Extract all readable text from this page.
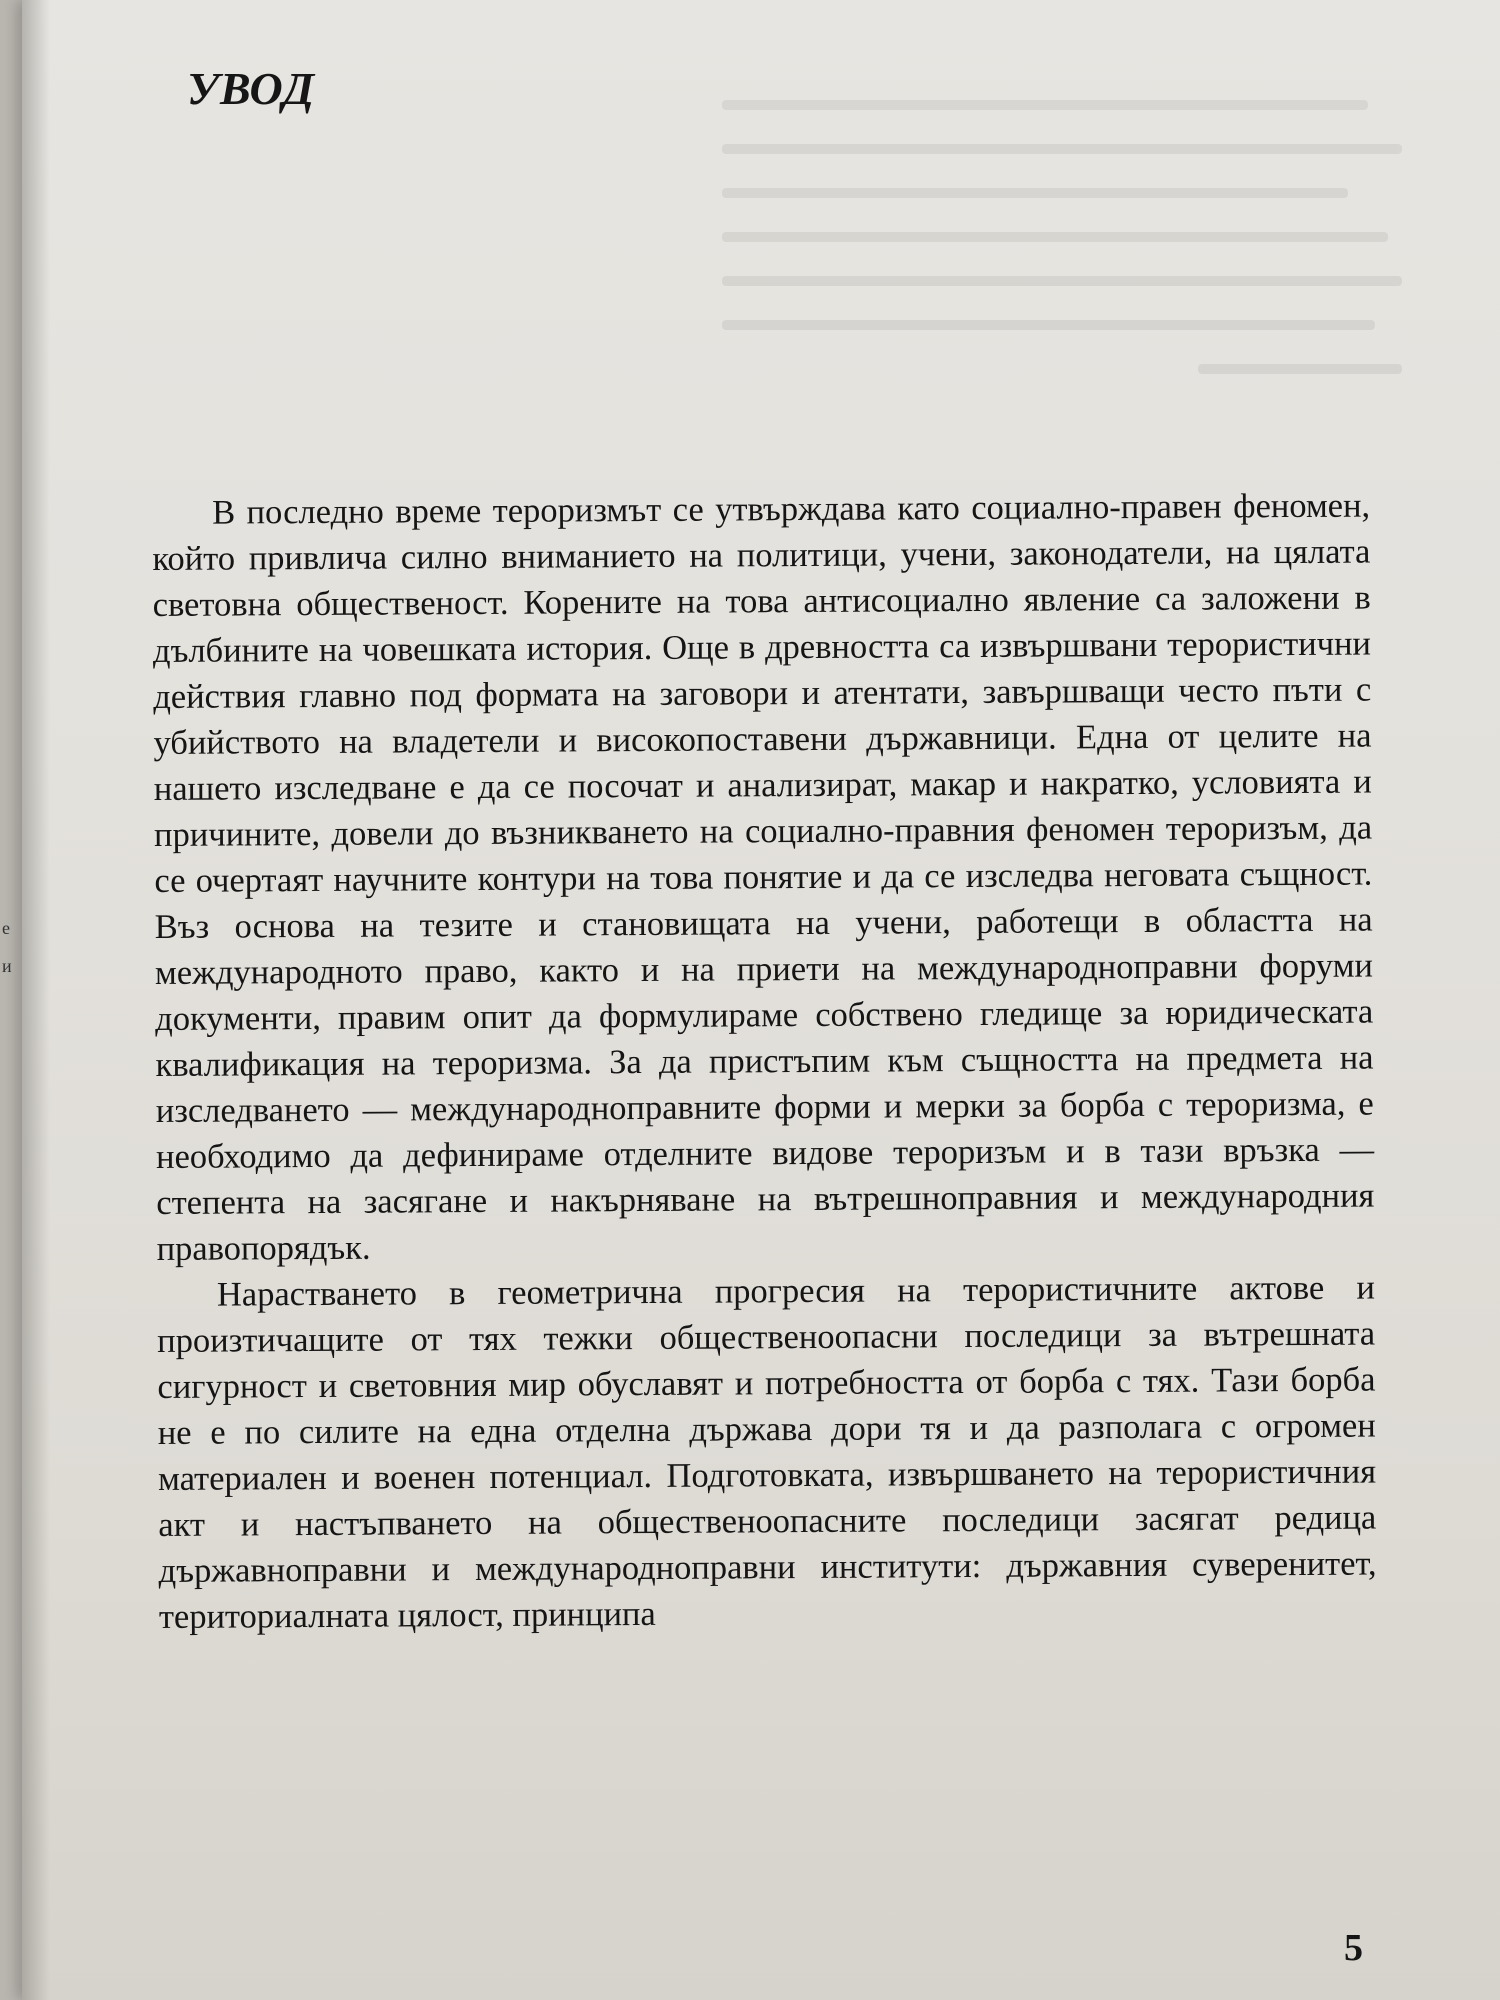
е
и
УВОД

В последно време тероризмът се утвърждава като социално-правен феномен, който привлича силно вниманието на политици, учени, законодатели, на цялата световна общественост. Корените на това антисоциално явление са заложени в дълбините на човешката история. Още в древността са извършвани терористични действия главно под формата на заговори и атентати, завършващи често пъти с убийството на владетели и високопоставени държавници. Една от целите на нашето изследване е да се посочат и анализират, макар и накратко, условията и причините, довели до възникването на социално-правния феномен тероризъм, да се очертаят научните контури на това понятие и да се изследва неговата същност. Въз основа на тезите и становищата на учени, работещи в областта на международното право, както и на приети на международноправни форуми документи, правим опит да формулираме собствено гледище за юридическата квалификация на тероризма. За да пристъпим към същността на предмета на изследването — международноправните форми и мерки за борба с тероризма, е необходимо да дефинираме отделните видове тероризъм и в тази връзка — степента на засягане и накърняване на вътрешноправния и международния правопорядък.

Нарастването в геометрична прогресия на терористичните актове и произтичащите от тях тежки общественоопасни последици за вътрешната сигурност и световния мир обуславят и потребността от борба с тях. Тази борба не е по силите на една отделна държава дори тя и да разполага с огромен материален и военен потенциал. Подготовката, извършването на терористичния акт и настъпването на общественоопасните последици засягат редица държавноправни и международноправни институти: държавния суверенитет, териториалната цялост, принципа

5
